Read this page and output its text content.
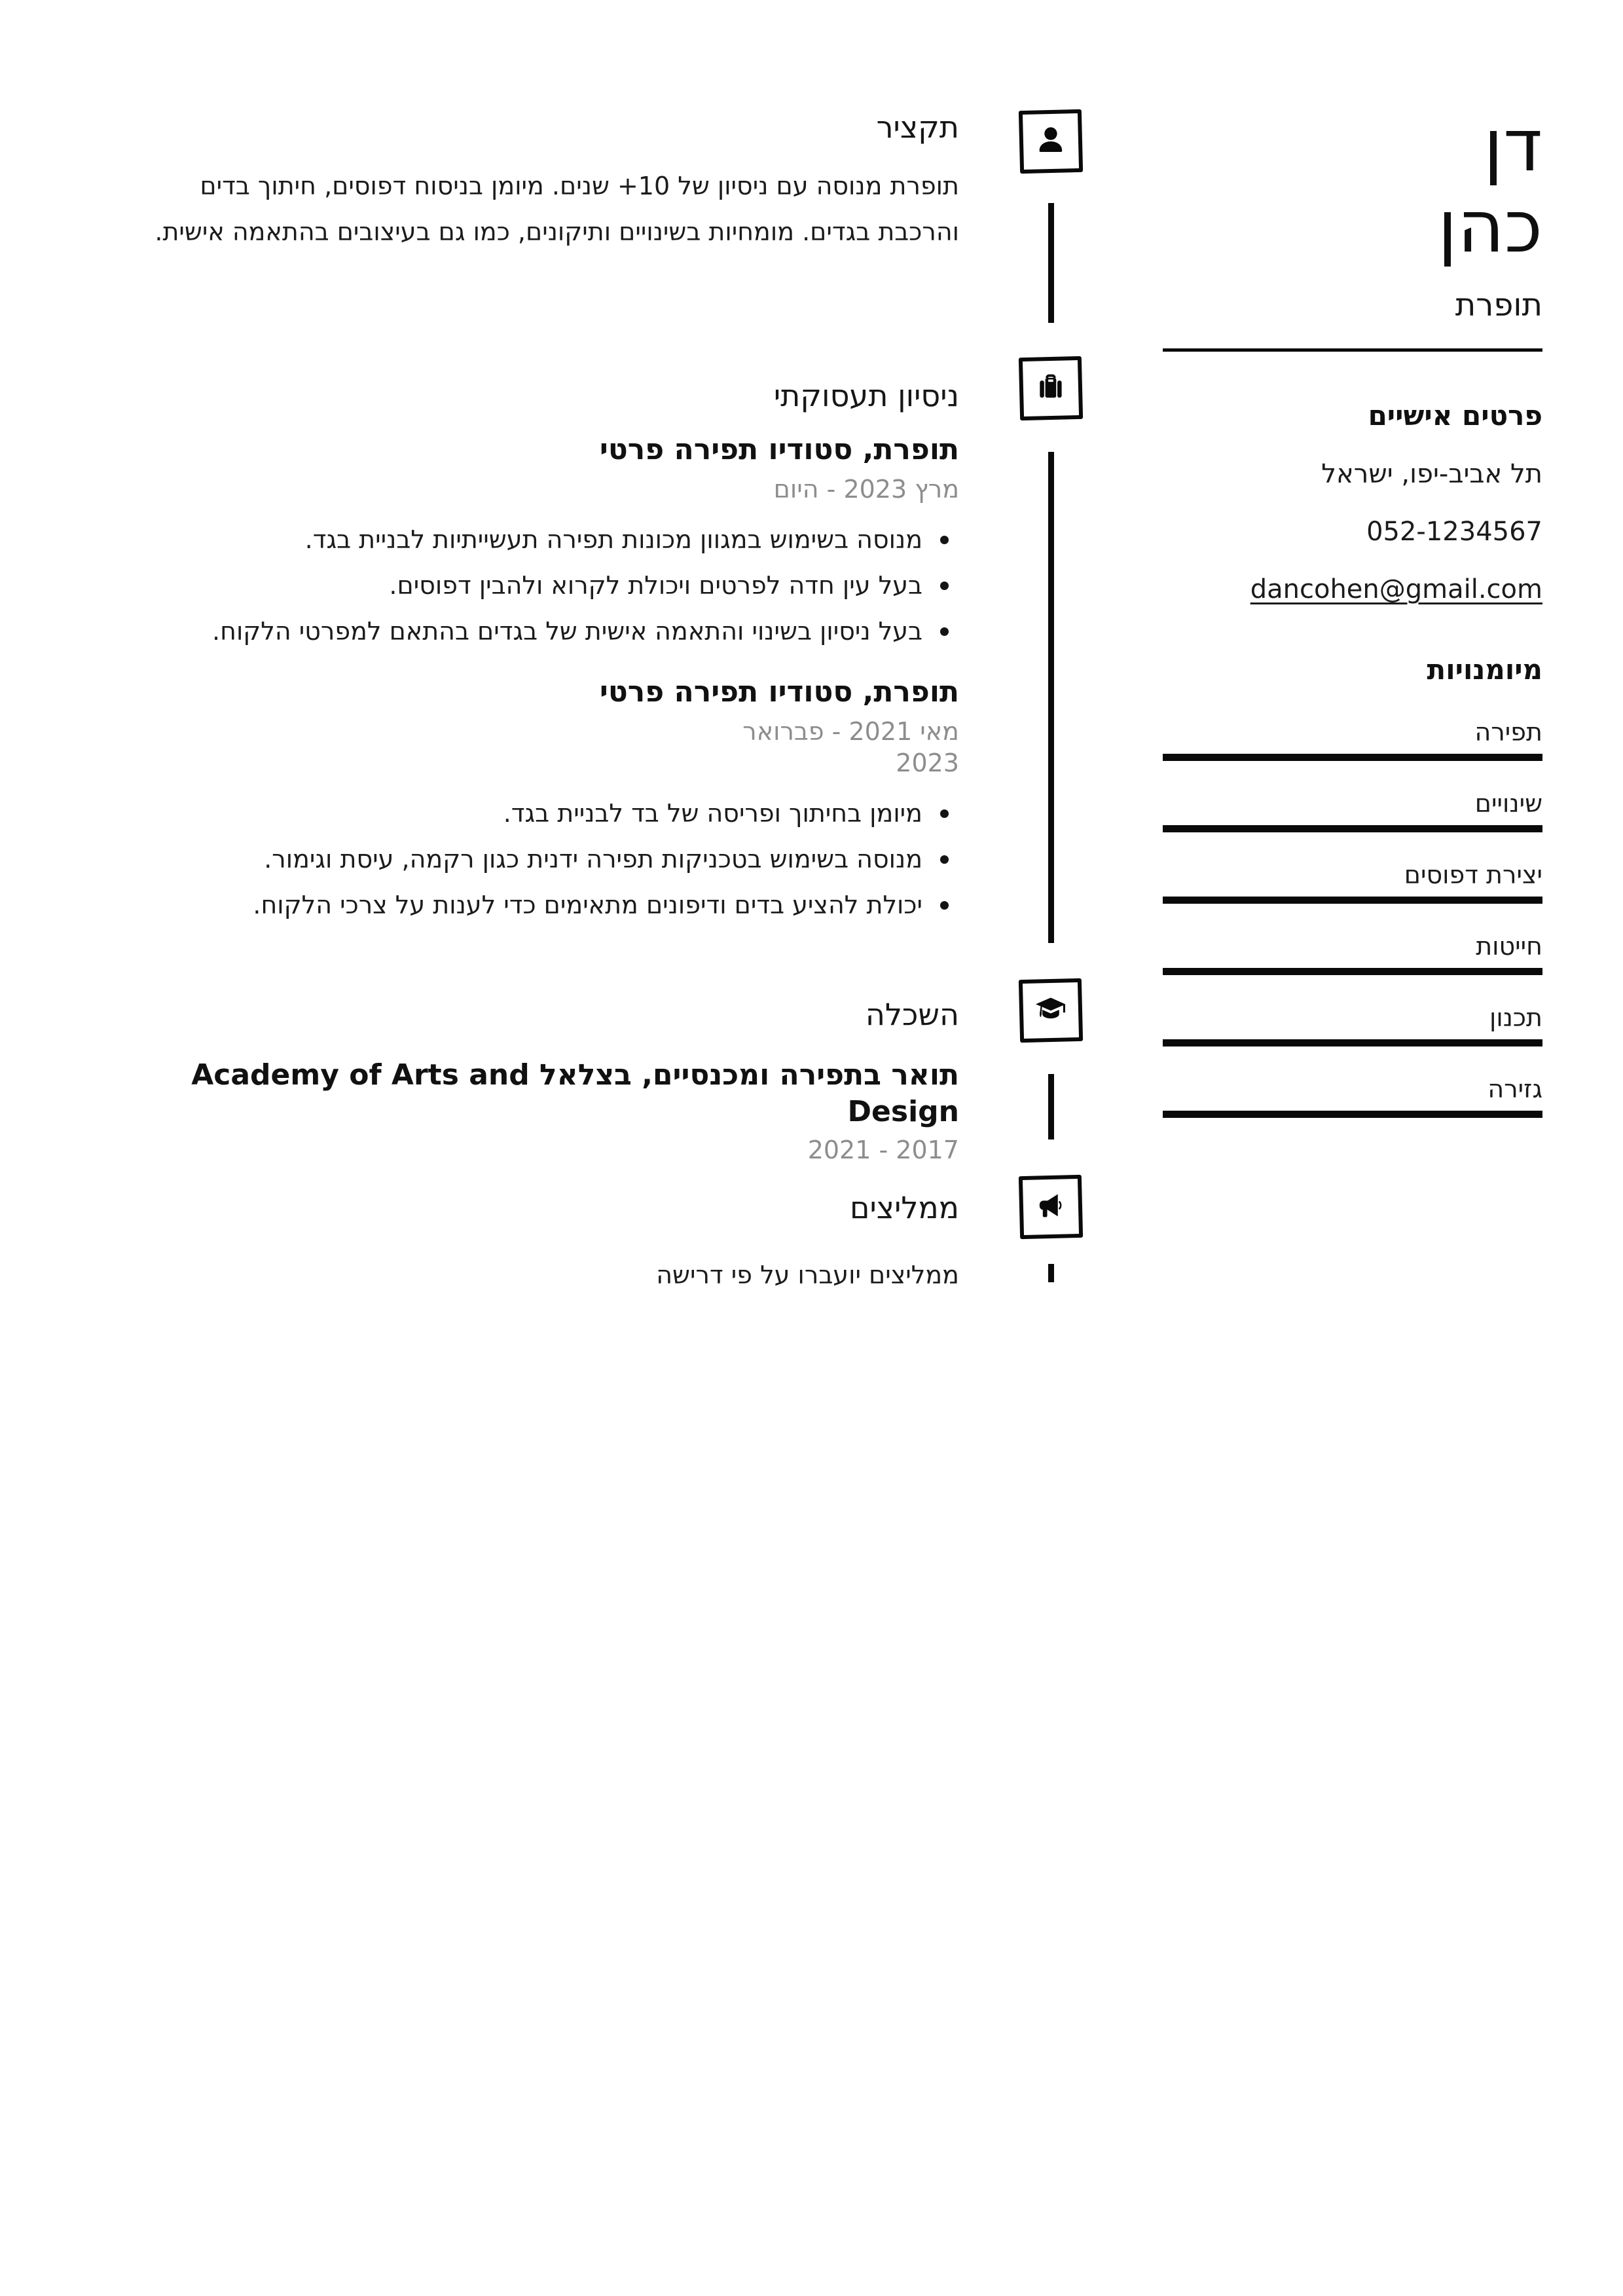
תקציר

תופרת מנוסה עם ניסיון של 10+ שנים. מיומן בניסוח דפוסים, חיתוך בדים והרכבת בגדים. מומחיות בשינויים ותיקונים, כמו גם בעיצובים בהתאמה אישית.

ניסיון תעסוקתי
תופרת, סטודיו תפירה פרטי
מרץ 2023 - היום
מנוסה בשימוש במגוון מכונות תפירה תעשייתיות לבניית בגד.
בעל עין חדה לפרטים ויכולת לקרוא ולהבין דפוסים.
בעל ניסיון בשינוי והתאמה אישית של בגדים בהתאם למפרטי הלקוח.
תופרת, סטודיו תפירה פרטי
מאי 2021 - פברואר 2023
מיומן בחיתוך ופריסה של בד לבניית בגד.
מנוסה בשימוש בטכניקות תפירה ידנית כגון רקמה, עיסת וגימור.
יכולת להציע בדים ודיפונים מתאימים כדי לענות על צרכי הלקוח.
השכלה
תואר בתפירה ומכנסיים, בצלאל Academy of Arts and Design
2017 - 2021
ממליצים

ממליצים יועברו על פי דרישה

דן
כהן
תופרת
פרטים אישיים
תל אביב-יפו, ישראל
052-1234567
dancohen@gmail.com
מיומנויות
תפירה
שינויים
יצירת דפוסים
חייטות
תכנון
גזירה
